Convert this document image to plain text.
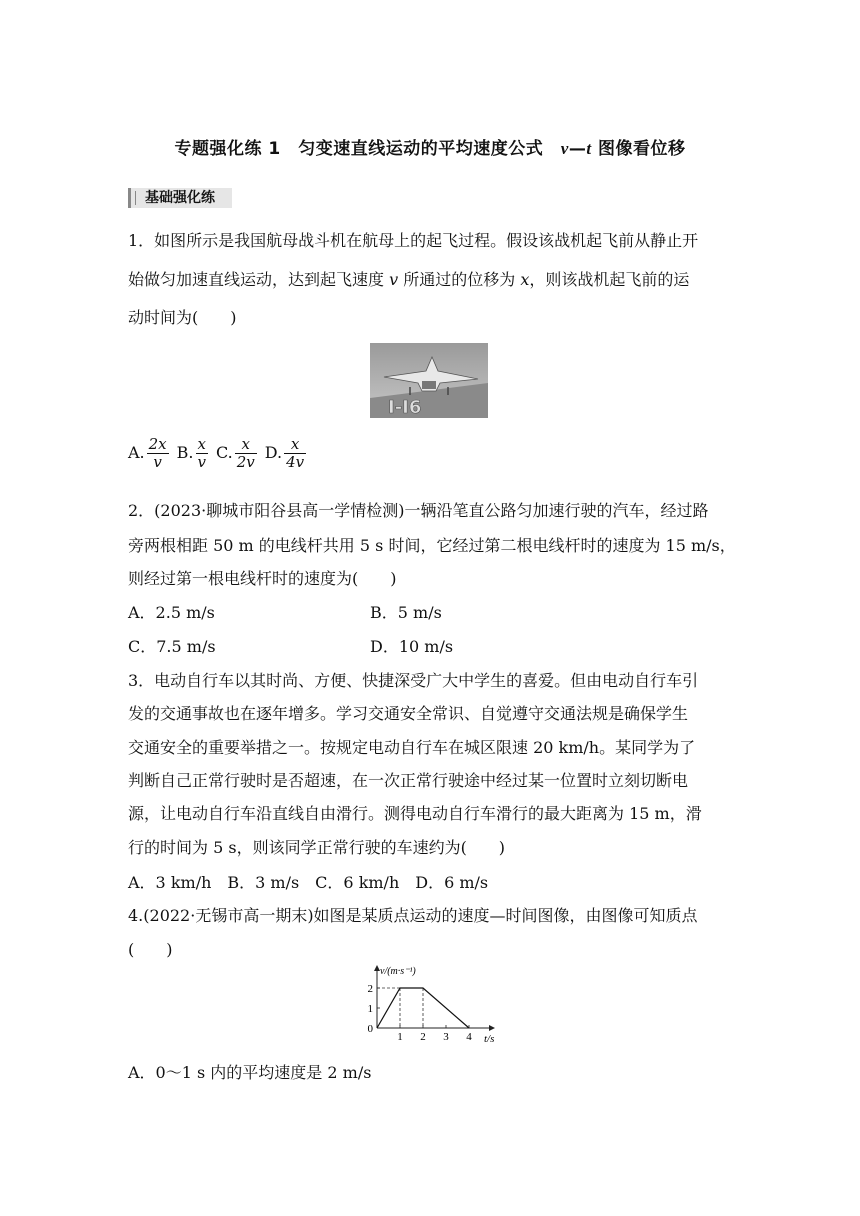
专题强化练 1　匀变速直线运动的平均速度公式　v—t 图像看位移
基础强化练
1．如图所示是我国航母战斗机在航母上的起飞过程。假设该战机起飞前从静止开
始做匀加速直线运动，达到起飞速度 v 所通过的位移为 x，则该战机起飞前的运
动时间为(　　)
I-I6
A. $\frac{2x}{v} B$. $\frac{x}{v} C$. $\frac{x}{2v} D$. $\frac{x}{4v}$
2．(2023·聊城市阳谷县高一学情检测)一辆沿笔直公路匀加速行驶的汽车，经过路
旁两根相距 50 m 的电线杆共用 5 s 时间，它经过第二根电线杆时的速度为 15 m/s，
则经过第一根电线杆时的速度为(　　)
A．2.5 m/s	B．5 m/s
C．7.5 m/s	D．10 m/s
3．电动自行车以其时尚、方便、快捷深受广大中学生的喜爱。但由电动自行车引
发的交通事故也在逐年增多。学习交通安全常识、自觉遵守交通法规是确保学生
交通安全的重要举措之一。按规定电动自行车在城区限速 20 km/h。某同学为了
判断自己正常行驶时是否超速，在一次正常行驶途中经过某一位置时立刻切断电
源，让电动自行车沿直线自由滑行。测得电动自行车滑行的最大距离为 15 m，滑
行的时间为 5 s，则该同学正常行驶的车速约为(　　)
A．3 km/h　B．3 m/s　C．6 km/h　D．6 m/s
4.(2022·无锡市高一期末)如图是某质点运动的速度—时间图像，由图像可知质点
(　　)
1 2 3 4
1
2
0
v/(m·s⁻¹)
t/s
A．0～1 s 内的平均速度是 2 m/s
